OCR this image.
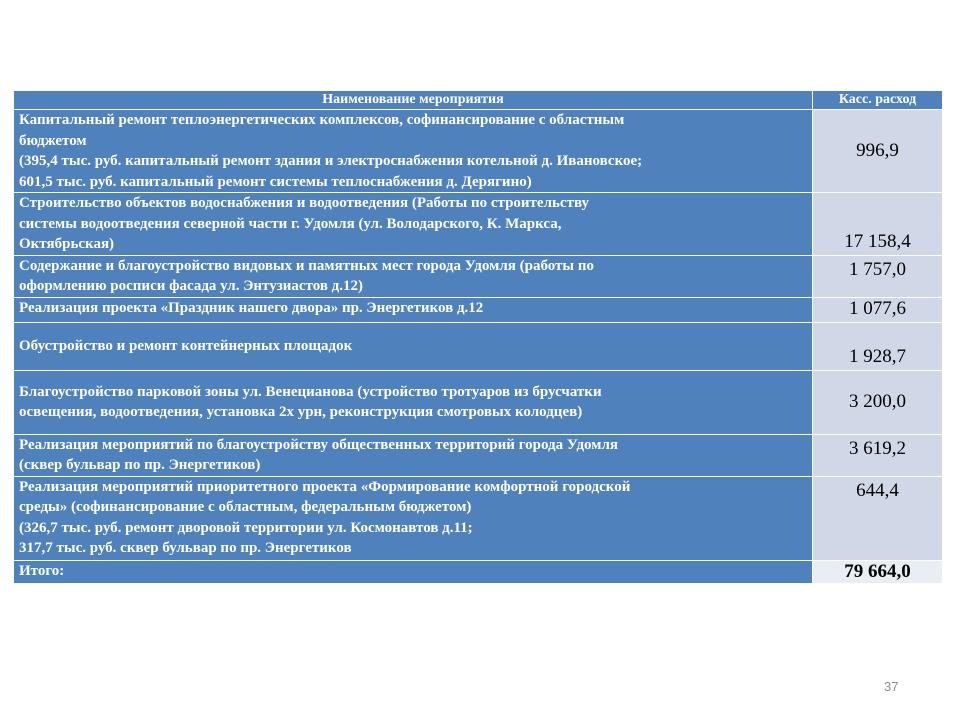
Наименование мероприятия	Касс. расход

Капитальный ремонт теплоэнергетических комплексов, софинансирование с областным
бюджетом
(395,4 тыс. руб. капитальный ремонт здания и электроснабжения котельной д. Ивановское;
601,5 тыс. руб. капитальный ремонт системы теплоснабжения д. Дерягино)	996,9

Строительство объектов водоснабжения и водоотведения (Работы по строительству
системы водоотведения северной части г. Удомля (ул. Володарского, К. Маркса,
Октябрьская)	17 158,4

Содержание и благоустройство видовых и памятных мест города Удомля (работы по
оформлению росписи фасада ул. Энтузиастов д.12)	1 757,0

Реализация проекта «Праздник нашего двора» пр. Энергетиков д.12	1 077,6

Обустройство и ремонт контейнерных площадок	1 928,7

Благоустройство парковой зоны ул. Венецианова (устройство тротуаров из брусчатки
освещения, водоотведения, установка 2х урн, реконструкция смотровых колодцев)	3 200,0

Реализация мероприятий по благоустройству общественных территорий города Удомля
(сквер бульвар по пр. Энергетиков)	3 619,2

Реализация мероприятий приоритетного проекта «Формирование комфортной городской
среды» (софинансирование с областным, федеральным бюджетом)
(326,7 тыс. руб. ремонт дворовой территории ул. Космонавтов д.11;
317,7 тыс. руб. сквер бульвар по пр. Энергетиков	644,4
Итого:	79 664,0
37
